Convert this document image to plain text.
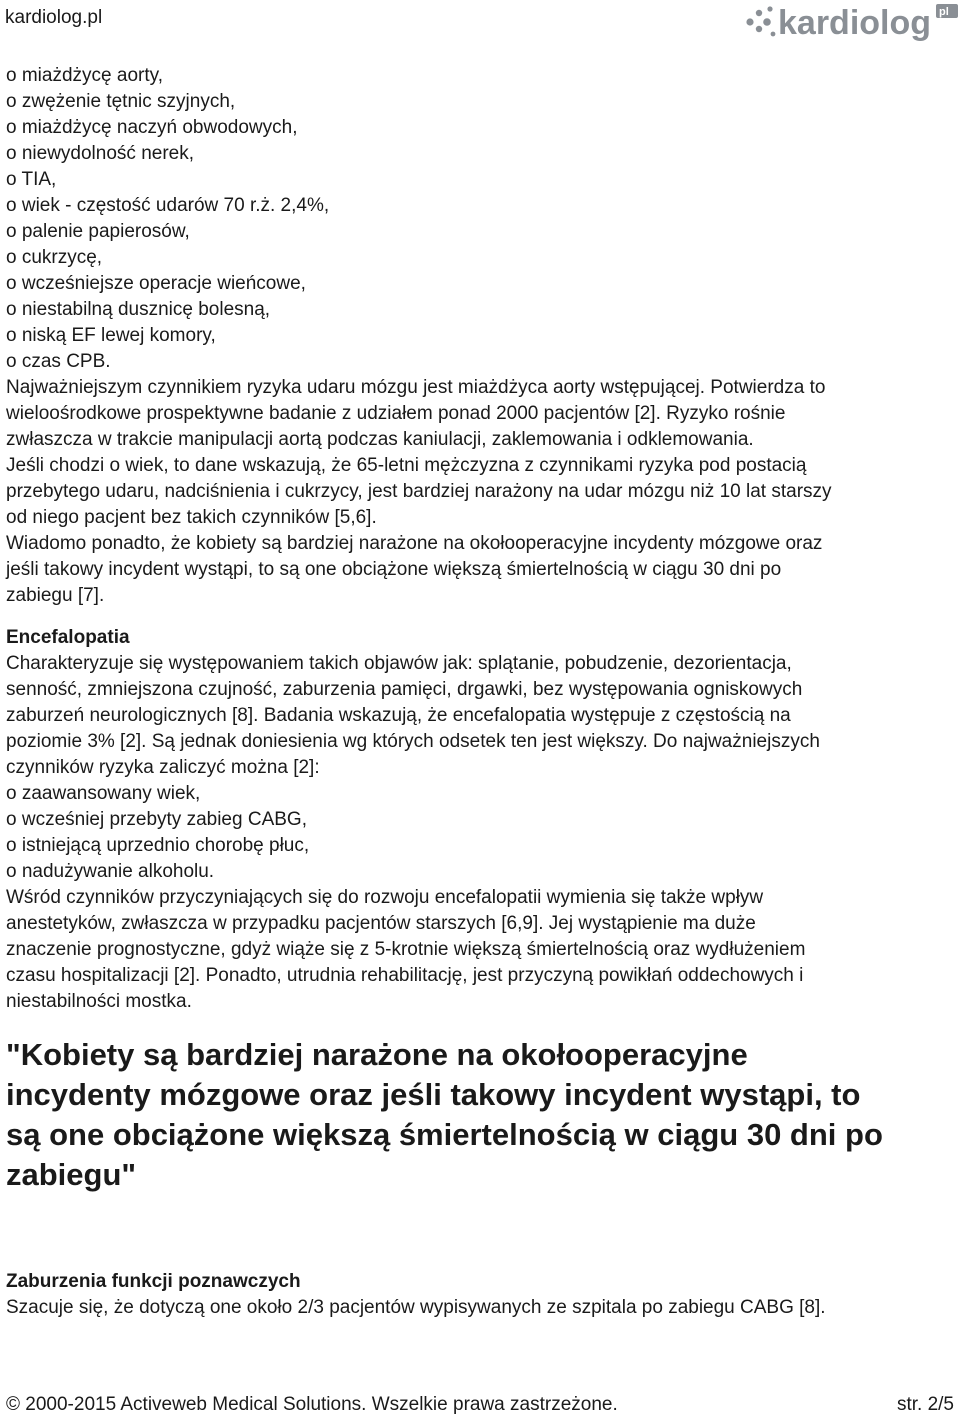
kardiolog.pl	kardiolog pl
o miażdżycę aorty,
o zwężenie tętnic szyjnych,
o miażdżycę naczyń obwodowych,
o niewydolność nerek,
o TIA,
o wiek - częstość udarów 70 r.ż. 2,4%,
o palenie papierosów,
o cukrzycę,
o wcześniejsze operacje wieńcowe,
o niestabilną dusznicę bolesną,
o niską EF lewej komory,
o czas CPB.
Najważniejszym czynnikiem ryzyka udaru mózgu jest miażdżyca aorty wstępującej. Potwierdza to
wieloośrodkowe prospektywne badanie z udziałem ponad 2000 pacjentów [2]. Ryzyko rośnie
zwłaszcza w trakcie manipulacji aortą podczas kaniulacji, zaklemowania i odklemowania.
Jeśli chodzi o wiek, to dane wskazują, że 65-letni mężczyzna z czynnikami ryzyka pod postacią
przebytego udaru, nadciśnienia i cukrzycy, jest bardziej narażony na udar mózgu niż 10 lat starszy
od niego pacjent bez takich czynników [5,6].
Wiadomo ponadto, że kobiety są bardziej narażone na okołooperacyjne incydenty mózgowe oraz
jeśli takowy incydent wystąpi, to są one obciążone większą śmiertelnością w ciągu 30 dni po
zabiegu [7].
Encefalopatia
Charakteryzuje się występowaniem takich objawów jak: splątanie, pobudzenie, dezorientacja,
senność, zmniejszona czujność, zaburzenia pamięci, drgawki, bez występowania ogniskowych
zaburzeń neurologicznych [8]. Badania wskazują, że encefalopatia występuje z częstością na
poziomie 3% [2]. Są jednak doniesienia wg których odsetek ten jest większy. Do najważniejszych
czynników ryzyka zaliczyć można [2]:
o zaawansowany wiek,
o wcześniej przebyty zabieg CABG,
o istniejącą uprzednio chorobę płuc,
o nadużywanie alkoholu.
Wśród czynników przyczyniających się do rozwoju encefalopatii wymienia się także wpływ
anestetyków, zwłaszcza w przypadku pacjentów starszych [6,9]. Jej wystąpienie ma duże
znaczenie prognostyczne, gdyż wiąże się z 5-krotnie większą śmiertelnością oraz wydłużeniem
czasu hospitalizacji [2]. Ponadto, utrudnia rehabilitację, jest przyczyną powikłań oddechowych i
niestabilności mostka.
"Kobiety są bardziej narażone na okołooperacyjne
incydenty mózgowe oraz jeśli takowy incydent wystąpi, to
są one obciążone większą śmiertelnością w ciągu 30 dni po
zabiegu"
Zaburzenia funkcji poznawczych
Szacuje się, że dotyczą one około 2/3 pacjentów wypisywanych ze szpitala po zabiegu CABG [8].
© 2000-2015 Activeweb Medical Solutions. Wszelkie prawa zastrzeżone.	str. 2/5
